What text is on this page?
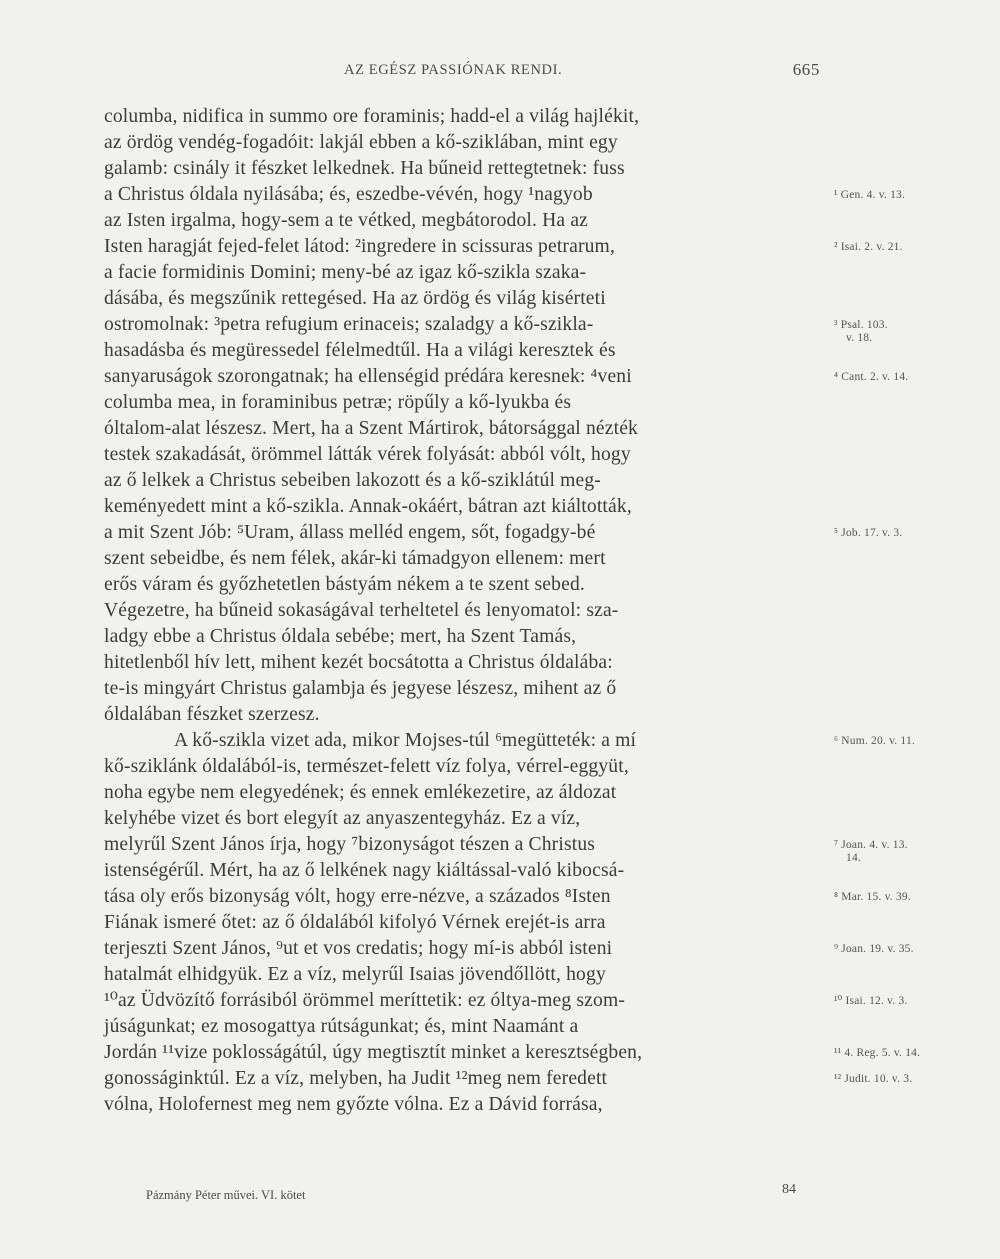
AZ EGÉSZ PASSIÓNAK RENDI.	665
columba, nidifica in summo ore foraminis; hadd-el a világ hajlékit,
az ördög vendég-fogadóit: lakjál ebben a kő-sziklában, mint egy
galamb: csinály it fészket lelkednek. Ha bűneid rettegtetnek: fuss
a Christus óldala nyilásába; és, eszedbe-vévén, hogy ¹nagyob	¹ Gen. 4. v. 13.
az Isten irgalma, hogy-sem a te vétked, megbátorodol. Ha az
Isten haragját fejed-felet látod: ²ingredere in scissuras petrarum,	² Isai. 2. v. 21.
a facie formidinis Domini; meny-bé az igaz kő-szikla szaka-
dásába, és megszűnik rettegésed. Ha az ördög és világ kisérteti
ostromolnak: ³petra refugium erinaceis; szaladgy a kő-szikla-	³ Psal. 103.
v. 18.
hasadásba és megüressedel félelmedtűl. Ha a világi keresztek és
sanyaruságok szorongatnak; ha ellenségid prédára keresnek: ⁴veni	⁴ Cant. 2. v. 14.
columba mea, in foraminibus petræ; röpűly a kő-lyukba és
óltalom-alat lészesz. Mert, ha a Szent Mártirok, bátorsággal nézték
testek szakadását, örömmel látták vérek folyását: abból vólt, hogy
az ő lelkek a Christus sebeiben lakozott és a kő-sziklátúl meg-
keményedett mint a kő-szikla. Annak-okáért, bátran azt kiáltották,
a mit Szent Jób: ⁵Uram, állass melléd engem, sőt, fogadgy-bé	⁵ Job. 17. v. 3.
szent sebeidbe, és nem félek, akár-ki támadgyon ellenem: mert
erős váram és győzhetetlen bástyám nékem a te szent sebed.
Végezetre, ha bűneid sokaságával terheltetel és lenyomatol: sza-
ladgy ebbe a Christus óldala sebébe; mert, ha Szent Tamás,
hitetlenből hív lett, mihent kezét bocsátotta a Christus óldalába:
te-is mingyárt Christus galambja és jegyese lészesz, mihent az ő
óldalában fészket szerzesz.
A kő-szikla vizet ada, mikor Mojses-túl ⁶megütteték: a mí	⁶ Num. 20. v. 11.
kő-sziklánk óldalából-is, természet-felett víz folya, vérrel-eggyüt,
noha egybe nem elegyedének; és ennek emlékezetire, az áldozat
kelyhébe vizet és bort elegyít az anyaszentegyház. Ez a víz,
melyrűl Szent János írja, hogy ⁷bizonyságot tészen a Christus	⁷ Joan. 4. v. 13.
14.
istenségérűl. Mért, ha az ő lelkének nagy kiáltással-való kibocsá-
tása oly erős bizonyság vólt, hogy erre-nézve, a százados ⁸Isten	⁸ Mar. 15. v. 39.
Fiának ismeré őtet: az ő óldalából kifolyó Vérnek erejét-is arra
terjeszti Szent János, ⁹ut et vos credatis; hogy mí-is abból isteni	⁹ Joan. 19. v. 35.
hatalmát elhidgyük. Ez a víz, melyrűl Isaias jövendőllött, hogy
¹⁰az Üdvözítő forrásiból örömmel meríttetik: ez óltya-meg szom-	¹⁰ Isai. 12. v. 3.
júságunkat; ez mosogattya rútságunkat; és, mint Naamánt a
Jordán ¹¹vize poklosságátúl, úgy megtisztít minket a keresztségben,	¹¹ 4. Reg. 5. v. 14.
gonosságinktúl. Ez a víz, melyben, ha Judit ¹²meg nem feredett	¹² Judit. 10. v. 3.
vólna, Holofernest meg nem győzte vólna. Ez a Dávid forrása,
Pázmány Péter művei. VI. kötet	84
